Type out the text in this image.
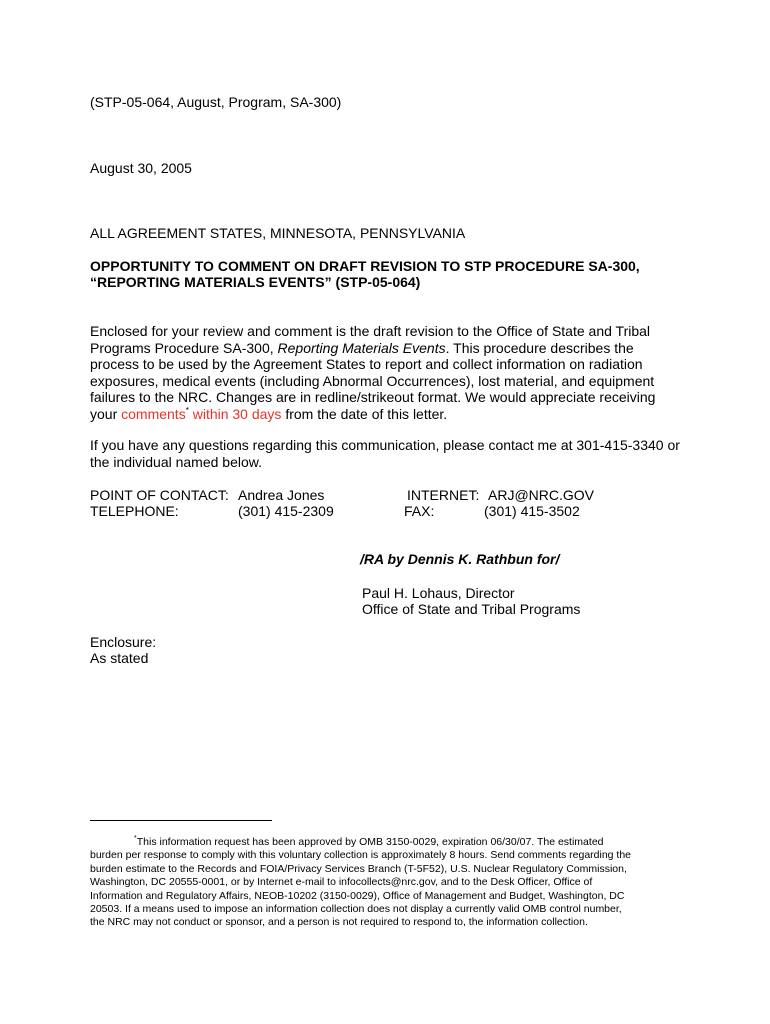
(STP-05-064, August, Program, SA-300)
August 30, 2005
ALL AGREEMENT STATES, MINNESOTA, PENNSYLVANIA
OPPORTUNITY TO COMMENT ON DRAFT REVISION TO STP PROCEDURE SA-300,
“REPORTING MATERIALS EVENTS” (STP-05-064)
Enclosed for your review and comment is the draft revision to the Office of State and Tribal
Programs Procedure SA-300, Reporting Materials Events. This procedure describes the
process to be used by the Agreement States to report and collect information on radiation
exposures, medical events (including Abnormal Occurrences), lost material, and equipment
failures to the NRC. Changes are in redline/strikeout format. We would appreciate receiving
your comments* within 30 days from the date of this letter.
If you have any questions regarding this communication, please contact me at 301-415-3340 or
the individual named below.
POINT OF CONTACT: Andrea Jones
TELEPHONE:	(301) 415-2309
INTERNET: ARJ@NRC.GOV
FAX:	(301) 415-3502
/RA by Dennis K. Rathbun for/
Paul H. Lohaus, Director
Office of State and Tribal Programs
Enclosure:
As stated
*This information request has been approved by OMB 3150-0029, expiration 06/30/07. The estimated
burden per response to comply with this voluntary collection is approximately 8 hours. Send comments regarding the
burden estimate to the Records and FOIA/Privacy Services Branch (T-5F52), U.S. Nuclear Regulatory Commission,
Washington, DC 20555-0001, or by Internet e-mail to infocollects@nrc.gov, and to the Desk Officer, Office of
Information and Regulatory Affairs, NEOB-10202 (3150-0029), Office of Management and Budget, Washington, DC
20503. If a means used to impose an information collection does not display a currently valid OMB control number,
the NRC may not conduct or sponsor, and a person is not required to respond to, the information collection.
